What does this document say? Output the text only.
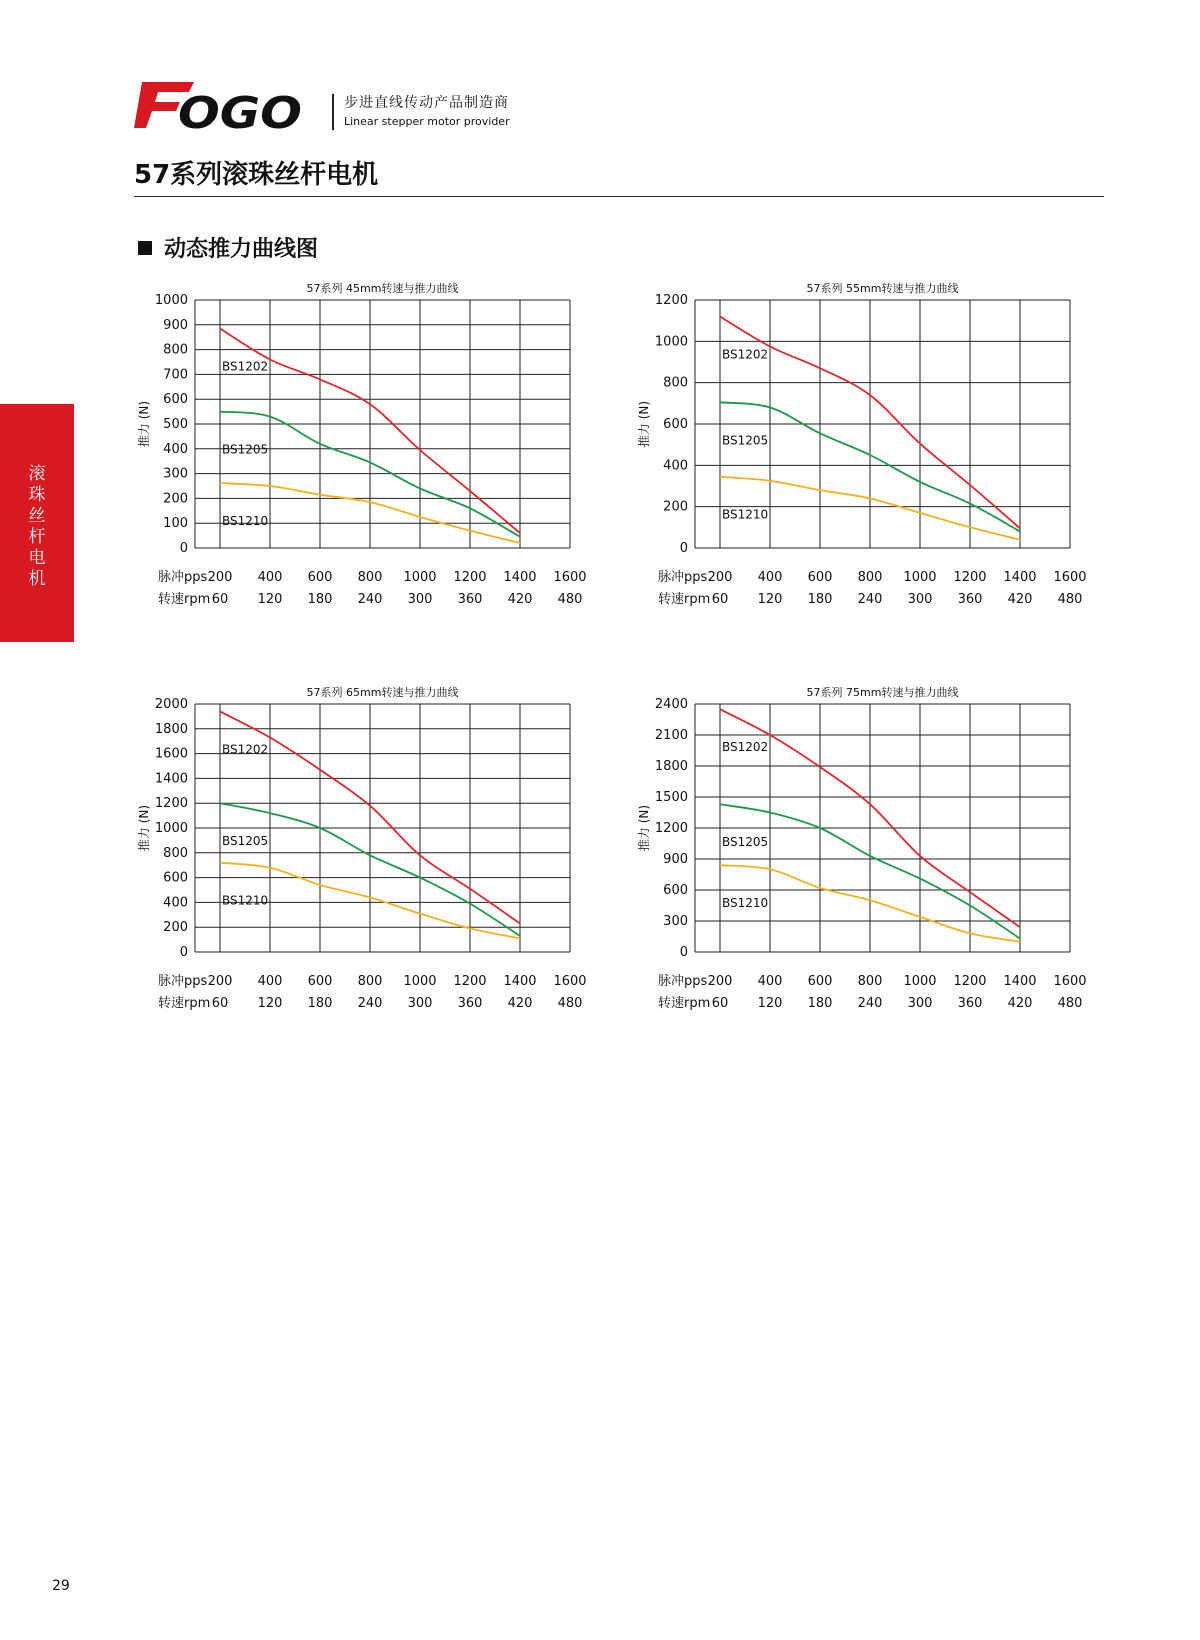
OGO	步进直线传动产品制造商
Linear stepper motor provider
57系列滚珠丝杆电机
动态推力曲线图
滚
珠
丝
杆
电
机
57系列 45mm转速与推力曲线
0
100
200
300
400
500
600
700
800
900
1000
推力 (N)
脉冲pps
转速rpm
200
60
400
120
600
180
800
240
1000
300
1200
360
1400
420
1600
480
BS1202
BS1205
BS1210
57系列 55mm转速与推力曲线
0
200
400
600
800
1000
1200
推力 (N)
脉冲pps
转速rpm
200
60
400
120
600
180
800
240
1000
300
1200
360
1400
420
1600
480
BS1202
BS1205
BS1210
57系列 65mm转速与推力曲线
0
200
400
600
800
1000
1200
1400
1600
1800
2000
推力 (N)
脉冲pps
转速rpm
200
60
400
120
600
180
800
240
1000
300
1200
360
1400
420
1600
480
BS1202
BS1205
BS1210
57系列 75mm转速与推力曲线
0
300
600
900
1200
1500
1800
2100
2400
推力 (N)
脉冲pps
转速rpm
200
60
400
120
600
180
800
240
1000
300
1200
360
1400
420
1600
480
BS1202
BS1205
BS1210
29
